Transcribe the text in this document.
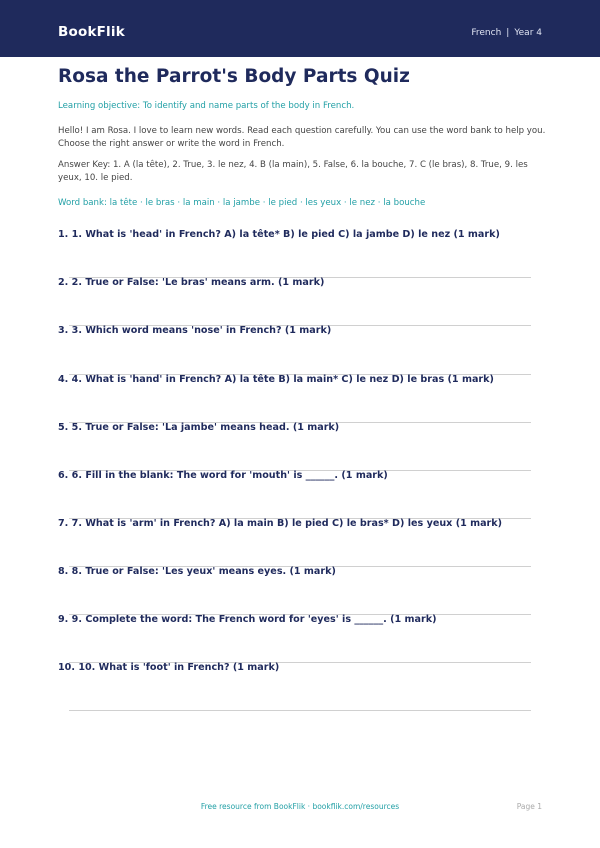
BookFlik	French | Year 4
Rosa the Parrot's Body Parts Quiz
Learning objective: To identify and name parts of the body in French.
Hello! I am Rosa. I love to learn new words. Read each question carefully. You can use the word bank to help you. Choose the right answer or write the word in French.
Answer Key: 1. A (la tête), 2. True, 3. le nez, 4. B (la main), 5. False, 6. la bouche, 7. C (le bras), 8. True, 9. les yeux, 10. le pied.
Word bank: la tête · le bras · la main · la jambe · le pied · les yeux · le nez · la bouche
1. 1. What is 'head' in French? A) la tête* B) le pied C) la jambe D) le nez (1 mark)
2. 2. True or False: 'Le bras' means arm. (1 mark)
3. 3. Which word means 'nose' in French? (1 mark)
4. 4. What is 'hand' in French? A) la tête B) la main* C) le nez D) le bras (1 mark)
5. 5. True or False: 'La jambe' means head. (1 mark)
6. 6. Fill in the blank: The word for 'mouth' is ______. (1 mark)
7. 7. What is 'arm' in French? A) la main B) le pied C) le bras* D) les yeux (1 mark)
8. 8. True or False: 'Les yeux' means eyes. (1 mark)
9. 9. Complete the word: The French word for 'eyes' is ______. (1 mark)
10. 10. What is 'foot' in French? (1 mark)
Free resource from BookFlik · bookflik.com/resources	Page 1
